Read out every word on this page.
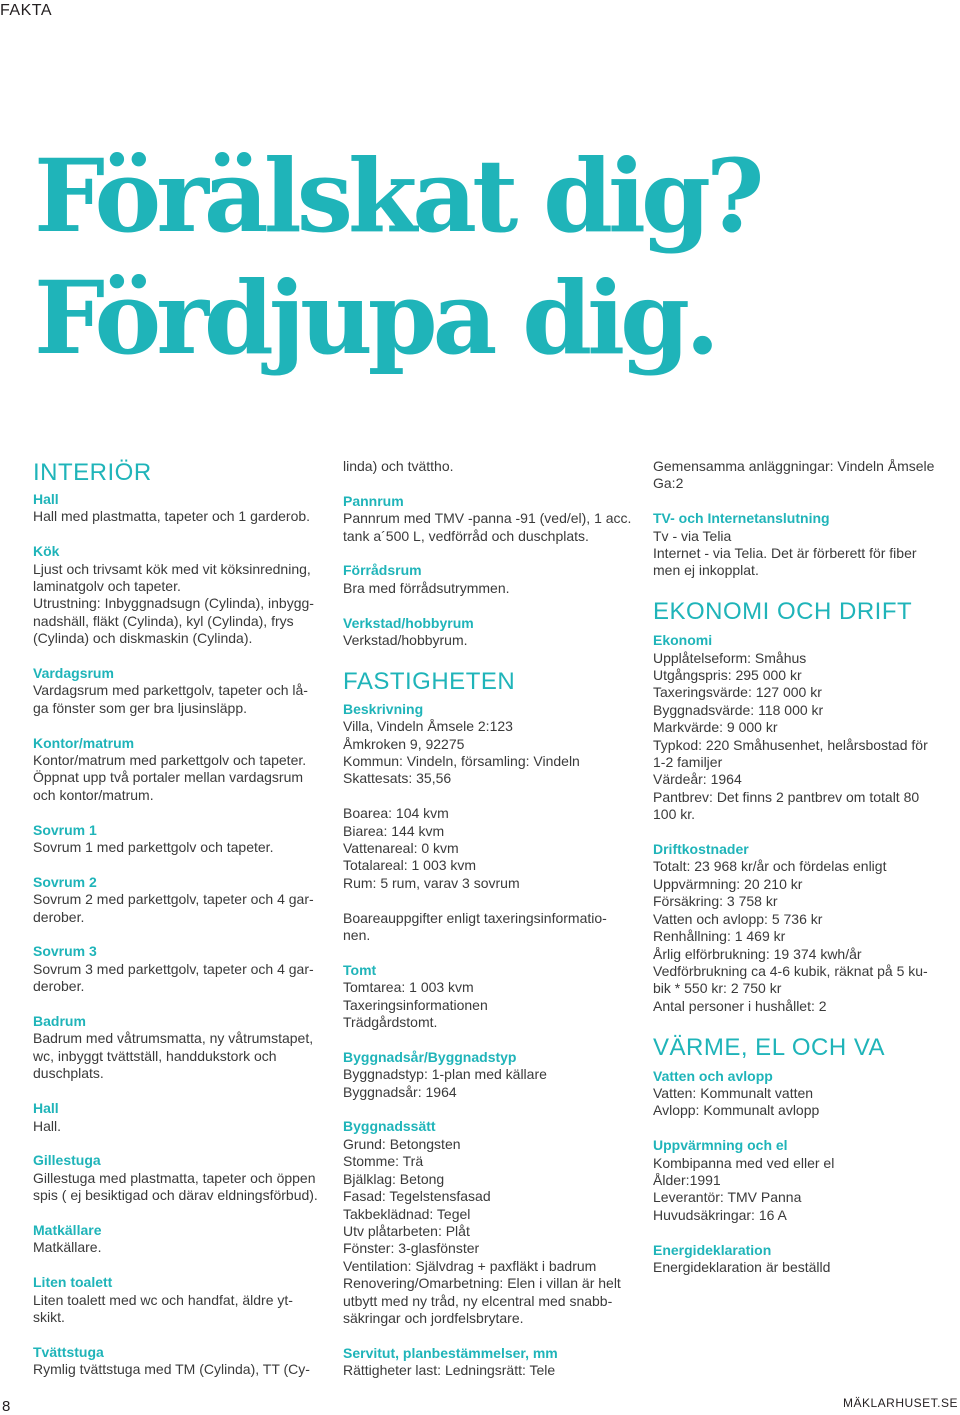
FAKTA
Förälskat dig?
Fördjupa dig.
INTERIÖR
Hall
Hall med plastmatta, tapeter och 1 garderob.
Kök
Ljust och trivsamt kök med vit köksinredning,
laminatgolv och tapeter.
Utrustning: Inbyggnadsugn (Cylinda), inbygg-
nadshäll, fläkt (Cylinda), kyl (Cylinda), frys
(Cylinda) och diskmaskin (Cylinda).
Vardagsrum
Vardagsrum med parkettgolv, tapeter och lå-
ga fönster som ger bra ljusinsläpp.
Kontor/matrum
Kontor/matrum med parkettgolv och tapeter.
Öppnat upp två portaler mellan vardagsrum
och kontor/matrum.
Sovrum 1
Sovrum 1 med parkettgolv och tapeter.
Sovrum 2
Sovrum 2 med parkettgolv, tapeter och 4 gar-
derober.
Sovrum 3
Sovrum 3 med parkettgolv, tapeter och 4 gar-
derober.
Badrum
Badrum med våtrumsmatta, ny våtrumstapet,
wc, inbyggt tvättställ, handdukstork och
duschplats.
Hall
Hall.
Gillestuga
Gillestuga med plastmatta, tapeter och öppen
spis ( ej besiktigad och därav eldningsförbud).
Matkällare
Matkällare.
Liten toalett
Liten toalett med wc och handfat, äldre yt-
skikt.
Tvättstuga
Rymlig tvättstuga med TM (Cylinda), TT (Cy-
linda) och tvättho.
Pannrum
Pannrum med TMV -panna -91 (ved/el), 1 acc.
tank a´500 L, vedförråd och duschplats.
Förrådsrum
Bra med förrådsutrymmen.
Verkstad/hobbyrum
Verkstad/hobbyrum.
FASTIGHETEN
Beskrivning
Villa, Vindeln Åmsele 2:123
Åmkroken 9, 92275
Kommun: Vindeln, församling: Vindeln
Skattesats: 35,56
Boarea: 104 kvm
Biarea: 144 kvm
Vattenareal: 0 kvm
Totalareal: 1 003 kvm
Rum: 5 rum, varav 3 sovrum
Boareauppgifter enligt taxeringsinformatio-
nen.
Tomt
Tomtarea: 1 003 kvm
Taxeringsinformationen
Trädgårdstomt.
Byggnadsår/Byggnadstyp
Byggnadstyp: 1-plan med källare
Byggnadsår: 1964
Byggnadssätt
Grund: Betongsten
Stomme: Trä
Bjälklag: Betong
Fasad: Tegelstensfasad
Takbeklädnad: Tegel
Utv plåtarbeten: Plåt
Fönster: 3-glasfönster
Ventilation: Självdrag + paxfläkt i badrum
Renovering/Omarbetning: Elen i villan är helt
utbytt med ny tråd, ny elcentral med snabb-
säkringar och jordfelsbrytare.
Servitut, planbestämmelser, mm
Rättigheter last: Ledningsrätt: Tele
Gemensamma anläggningar: Vindeln Åmsele
Ga:2
TV- och Internetanslutning
Tv - via Telia
Internet - via Telia. Det är förberett för fiber
men ej inkopplat.
EKONOMI OCH DRIFT
Ekonomi
Upplåtelseform: Småhus
Utgångspris: 295 000 kr
Taxeringsvärde: 127 000 kr
Byggnadsvärde: 118 000 kr
Markvärde: 9 000 kr
Typkod: 220 Småhusenhet, helårsbostad för
1-2 familjer
Värdeår: 1964
Pantbrev: Det finns 2 pantbrev om totalt 80
100 kr.
Driftkostnader
Totalt: 23 968 kr/år och fördelas enligt
Uppvärmning: 20 210 kr
Försäkring: 3 758 kr
Vatten och avlopp: 5 736 kr
Renhållning: 1 469 kr
Årlig elförbrukning: 19 374 kwh/år
Vedförbrukning ca 4-6 kubik, räknat på 5 ku-
bik * 550 kr: 2 750 kr
Antal personer i hushållet: 2
VÄRME, EL OCH VA
Vatten och avlopp
Vatten: Kommunalt vatten
Avlopp: Kommunalt avlopp
Uppvärmning och el
Kombipanna med ved eller el
Ålder:1991
Leverantör: TMV Panna
Huvudsäkringar: 16 A
Energideklaration
Energideklaration är beställd
8	MÄKLARHUSET.SE
